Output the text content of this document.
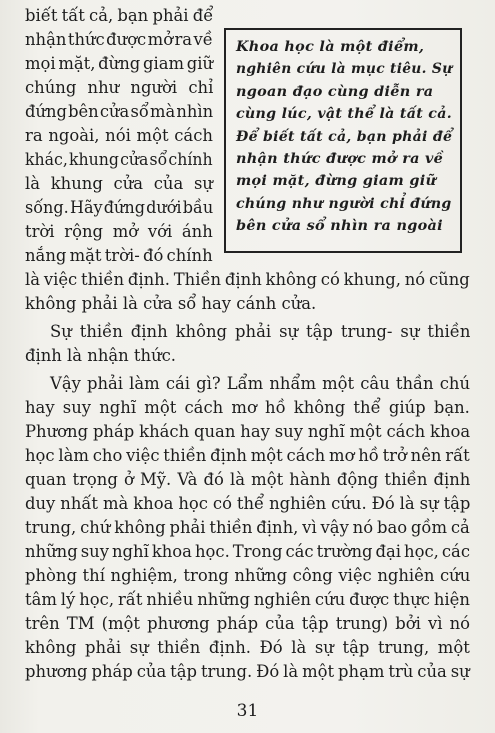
Khoa học là một điểm,
nghiên cứu là mục tiêu. Sự
ngoan đạo cùng diễn ra
cùng lúc, vật thể là tất cả.
Để biết tất cả, bạn phải để
nhận thức được mở ra về
mọi mặt, đừng giam giữ
chúng như người chỉ đứng
bên cửa sổ nhìn ra ngoài
biết tất cả, bạn phải để
nhận thức được mở ra về
mọi mặt, đừng giam giữ
chúng như người chỉ
đứng bên cửa sổ mà nhìn
ra ngoài, nói một cách
khác, khung cửa sổ chính
là khung cửa của sự
sống. Hãy đứng dưới bầu
trời rộng mở với ánh
nắng mặt trời- đó chính
là việc thiền định. Thiền định không có khung, nó cũng
không phải là cửa sổ hay cánh cửa.
Sự thiền định không phải sự tập trung- sự thiền
định là nhận thức.
Vậy phải làm cái gì? Lẩm nhẩm một câu thần chú
hay suy nghĩ một cách mơ hồ không thể giúp bạn.
Phương pháp khách quan hay suy nghĩ một cách khoa
học làm cho việc thiền định một cách mơ hồ trở nên rất
quan trọng ở Mỹ. Và đó là một hành động thiền định
duy nhất mà khoa học có thể nghiên cứu. Đó là sự tập
trung, chứ không phải thiền định, vì vậy nó bao gồm cả
những suy nghĩ khoa học. Trong các trường đại học, các
phòng thí nghiệm, trong những công việc nghiên cứu
tâm lý học, rất nhiều những nghiên cứu được thực hiện
trên TM (một phương pháp của tập trung) bởi vì nó
không phải sự thiền định. Đó là sự tập trung, một
phương pháp của tập trung. Đó là một phạm trù của sự
31
